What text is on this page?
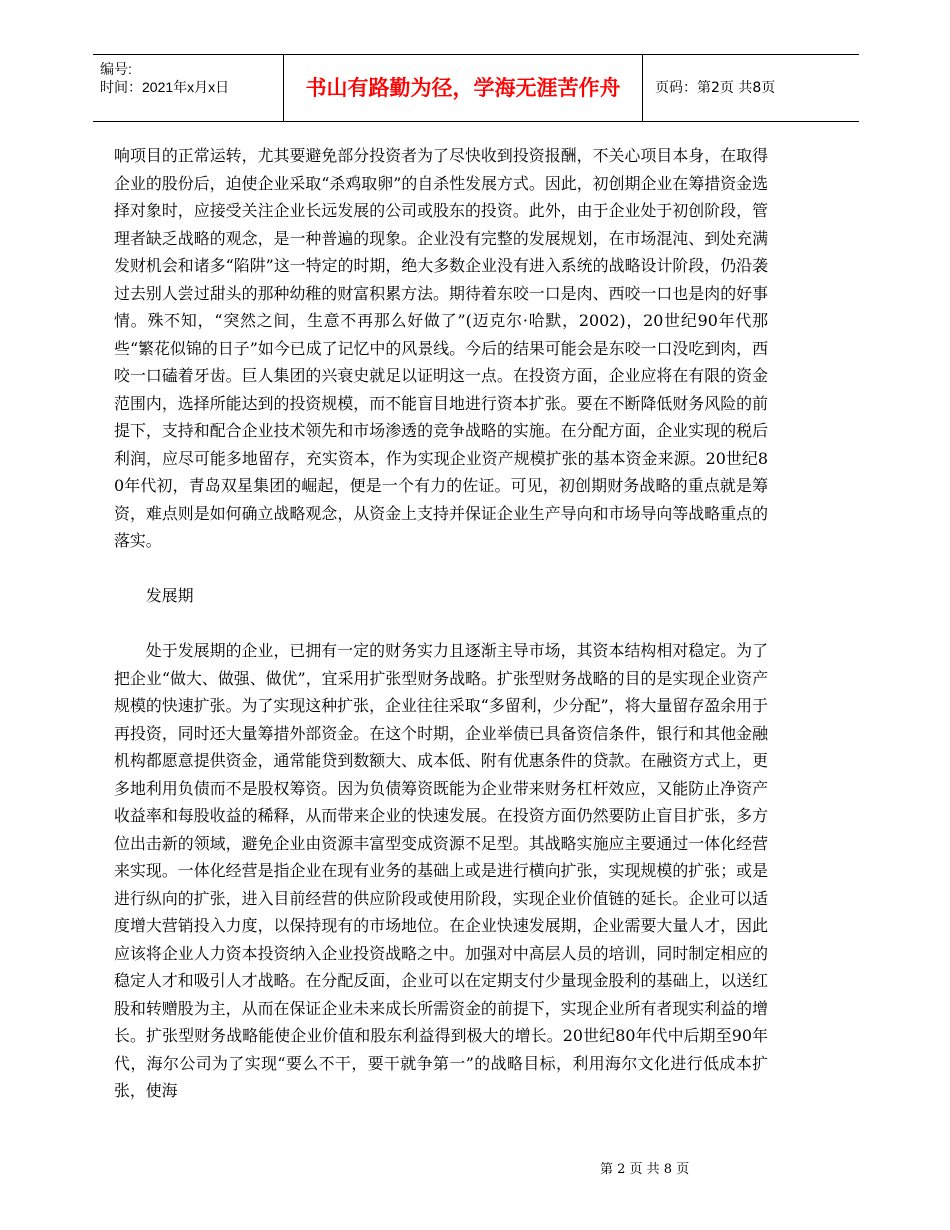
编号:
时间：2021年x月x日	书山有路勤为径，学海无涯苦作舟	页码：第2页 共8页

响项目的正常运转，尤其要避免部分投资者为了尽快收到投资报酬，不关心项目本身，在取得企业的股份后，迫使企业采取“杀鸡取卵”的自杀性发展方式。因此，初创期企业在筹措资金选择对象时，应接受关注企业长远发展的公司或股东的投资。此外，由于企业处于初创阶段，管理者缺乏战略的观念，是一种普遍的现象。企业没有完整的发展规划，在市场混沌、到处充满发财机会和诸多“陷阱”这一特定的时期，绝大多数企业没有进入系统的战略设计阶段，仍沿袭过去别人尝过甜头的那种幼稚的财富积累方法。期待着东咬一口是肉、西咬一口也是肉的好事情。殊不知，“突然之间，生意不再那么好做了”(迈克尔·哈默，2002)，20世纪90年代那些“繁花似锦的日子”如今已成了记忆中的风景线。今后的结果可能会是东咬一口没吃到肉，西咬一口磕着牙齿。巨人集团的兴衰史就足以证明这一点。在投资方面，企业应将在有限的资金范围内，选择所能达到的投资规模，而不能盲目地进行资本扩张。要在不断降低财务风险的前提下，支持和配合企业技术领先和市场渗透的竞争战略的实施。在分配方面，企业实现的税后利润，应尽可能多地留存，充实资本，作为实现企业资产规模扩张的基本资金来源。20世纪80年代初，青岛双星集团的崛起，便是一个有力的佐证。可见，初创期财务战略的重点就是筹资，难点则是如何确立战略观念，从资金上支持并保证企业生产导向和市场导向等战略重点的落实。

发展期

处于发展期的企业，已拥有一定的财务实力且逐渐主导市场，其资本结构相对稳定。为了把企业“做大、做强、做优”，宜采用扩张型财务战略。扩张型财务战略的目的是实现企业资产规模的快速扩张。为了实现这种扩张，企业往往采取“多留利，少分配”，将大量留存盈余用于再投资，同时还大量筹措外部资金。在这个时期，企业举债已具备资信条件，银行和其他金融机构都愿意提供资金，通常能贷到数额大、成本低、附有优惠条件的贷款。在融资方式上，更多地利用负债而不是股权筹资。因为负债筹资既能为企业带来财务杠杆效应，又能防止净资产收益率和每股收益的稀释，从而带来企业的快速发展。在投资方面仍然要防止盲目扩张，多方位出击新的领域，避免企业由资源丰富型变成资源不足型。其战略实施应主要通过一体化经营来实现。一体化经营是指企业在现有业务的基础上或是进行横向扩张，实现规模的扩张；或是进行纵向的扩张，进入目前经营的供应阶段或使用阶段，实现企业价值链的延长。企业可以适度增大营销投入力度，以保持现有的市场地位。在企业快速发展期，企业需要大量人才，因此应该将企业人力资本投资纳入企业投资战略之中。加强对中高层人员的培训，同时制定相应的稳定人才和吸引人才战略。在分配反面，企业可以在定期支付少量现金股利的基础上，以送红股和转赠股为主，从而在保证企业未来成长所需资金的前提下，实现企业所有者现实利益的增长。扩张型财务战略能使企业价值和股东利益得到极大的增长。20世纪80年代中后期至90年代，海尔公司为了实现“要么不干，要干就争第一”的战略目标，利用海尔文化进行低成本扩张，使海

第 2 页 共 8 页
